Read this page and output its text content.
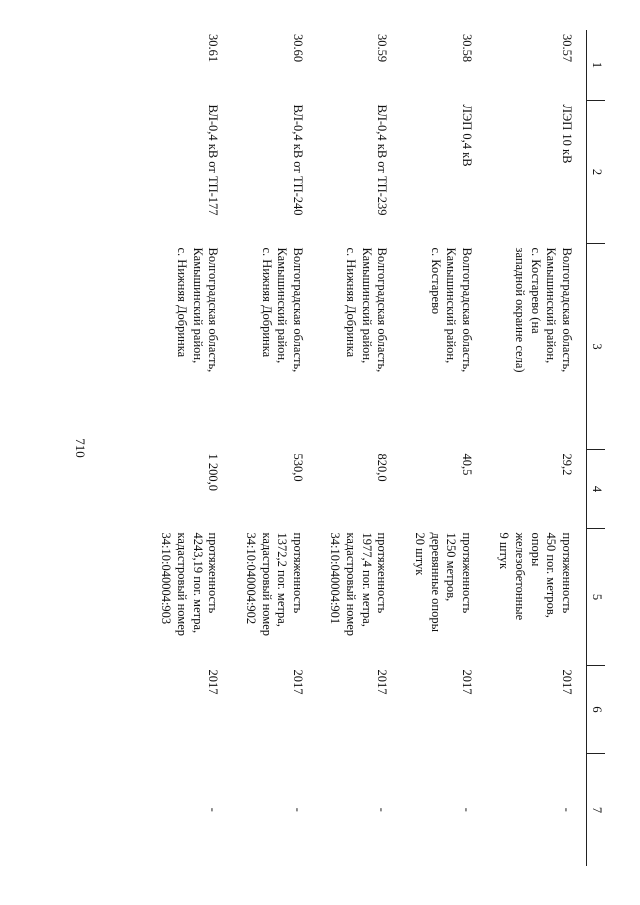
710
1	2	3	4	5	6	7
30.57	ЛЭП 10 кВ	Волгоградская область,
Камышинский район,
с. Костарево (на
западной окраине села)	29,2	протяженность
450 пог. метров,
опоры
железобетонные
9 штук	2017	-
30.58	ЛЭП 0,4 кВ	Волгоградская область,
Камышинский район,
с. Костарево	40,5	протяженность
1250 метров,
деревянные опоры
20 штук	2017	-
30.59	ВЛ-0,4 кВ от ТП-239	Волгоградская область,
Камышинский район,
с. Нижняя Добринка	820,0	протяженность
1977,4 пог. метра,
кадастровый номер
34:10:040004:901	2017	-
30.60	ВЛ-0,4 кВ от ТП-240	Волгоградская область,
Камышинский район,
с. Нижняя Добринка	530,0	протяженность
1372,2 пог. метра,
кадастровый номер
34:10:040004:902	2017	-
30.61	ВЛ-0,4 кВ от ТП-177	Волгоградская область,
Камышинский район,
с. Нижняя Добринка	1 200,0	протяженность
4243,19 пог. метра,
кадастровый номер
34:10:040004:903	2017	-
